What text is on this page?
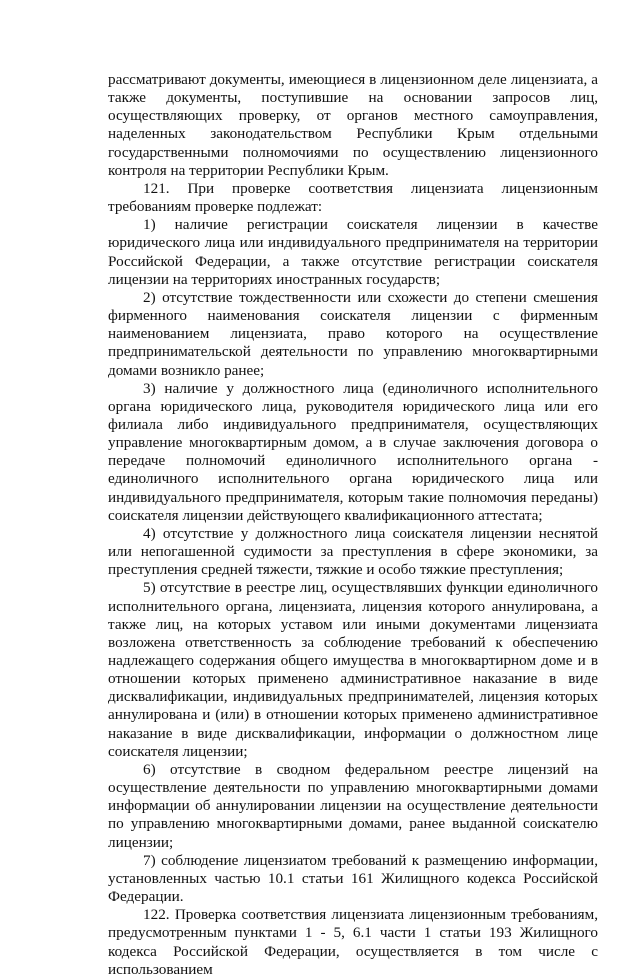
рассматривают документы, имеющиеся в лицензионном деле лицензиата, а также документы, поступившие на основании запросов лиц, осуществляющих проверку, от органов местного самоуправления, наделенных законодательством Республики Крым отдельными государственными полномочиями по осуществлению лицензионного контроля на территории Республики Крым.

121. При проверке соответствия лицензиата лицензионным требованиям проверке подлежат:

1) наличие регистрации соискателя лицензии в качестве юридического лица или индивидуального предпринимателя на территории Российской Федерации, а также отсутствие регистрации соискателя лицензии на территориях иностранных государств;

2) отсутствие тождественности или схожести до степени смешения фирменного наименования соискателя лицензии с фирменным наименованием лицензиата, право которого на осуществление предпринимательской деятельности по управлению многоквартирными домами возникло ранее;

3) наличие у должностного лица (единоличного исполнительного органа юридического лица, руководителя юридического лица или его филиала либо индивидуального предпринимателя, осуществляющих управление многоквартирным домом, а в случае заключения договора о передаче полномочий единоличного исполнительного органа - единоличного исполнительного органа юридического лица или индивидуального предпринимателя, которым такие полномочия переданы) соискателя лицензии действующего квалификационного аттестата;

4) отсутствие у должностного лица соискателя лицензии неснятой или непогашенной судимости за преступления в сфере экономики, за преступления средней тяжести, тяжкие и особо тяжкие преступления;

5) отсутствие в реестре лиц, осуществлявших функции единоличного исполнительного органа, лицензиата, лицензия которого аннулирована, а также лиц, на которых уставом или иными документами лицензиата возложена ответственность за соблюдение требований к обеспечению надлежащего содержания общего имущества в многоквартирном доме и в отношении которых применено административное наказание в виде дисквалификации, индивидуальных предпринимателей, лицензия которых аннулирована и (или) в отношении которых применено административное наказание в виде дисквалификации, информации о должностном лице соискателя лицензии;

6) отсутствие в сводном федеральном реестре лицензий на осуществление деятельности по управлению многоквартирными домами информации об аннулировании лицензии на осуществление деятельности по управлению многоквартирными домами, ранее выданной соискателю лицензии;

7) соблюдение лицензиатом требований к размещению информации, установленных частью 10.1 статьи 161 Жилищного кодекса Российской Федерации.

122. Проверка соответствия лицензиата лицензионным требованиям, предусмотренным пунктами 1 - 5, 6.1 части 1 статьи 193 Жилищного кодекса Российской Федерации, осуществляется в том числе с использованием
